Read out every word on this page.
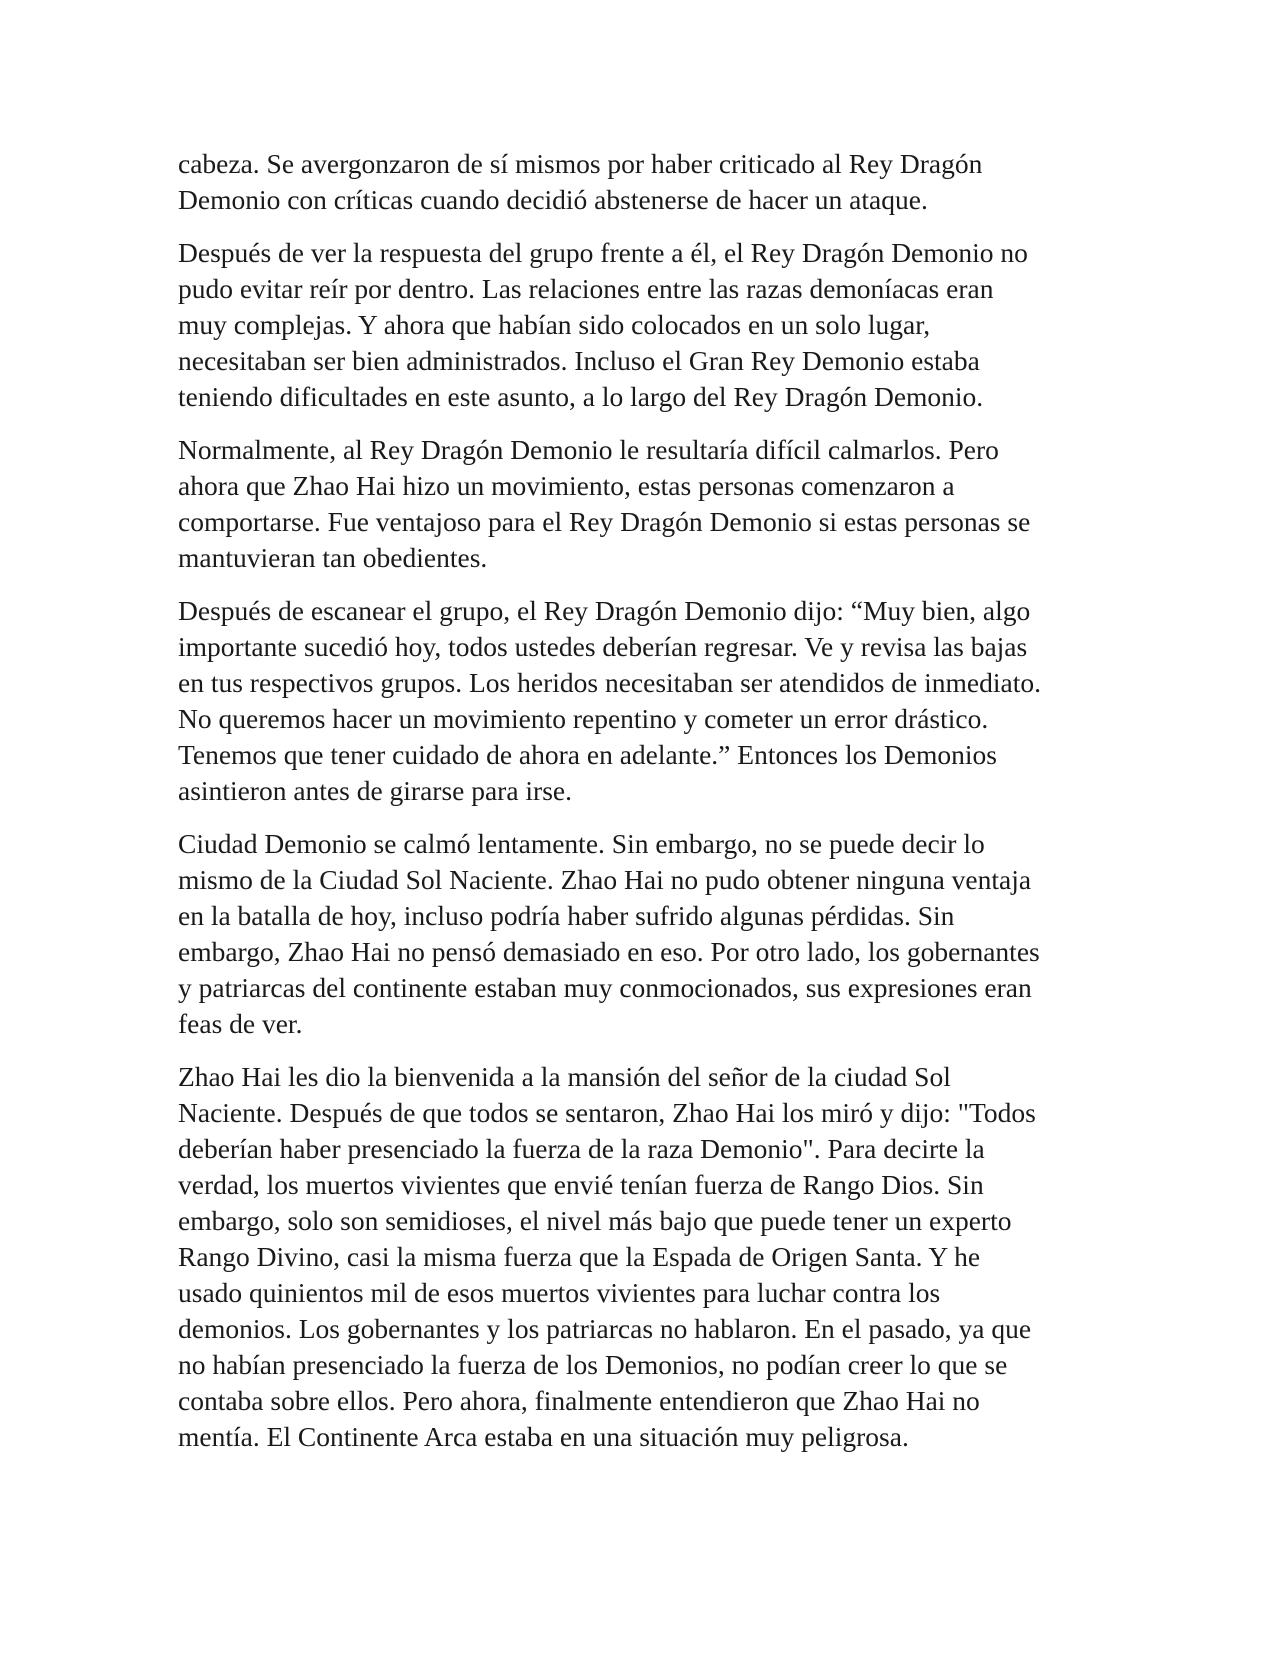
cabeza. Se avergonzaron de sí mismos por haber criticado al Rey Dragón
Demonio con críticas cuando decidió abstenerse de hacer un ataque.

Después de ver la respuesta del grupo frente a él, el Rey Dragón Demonio no
pudo evitar reír por dentro. Las relaciones entre las razas demoníacas eran
muy complejas. Y ahora que habían sido colocados en un solo lugar,
necesitaban ser bien administrados. Incluso el Gran Rey Demonio estaba
teniendo dificultades en este asunto, a lo largo del Rey Dragón Demonio.

Normalmente, al Rey Dragón Demonio le resultaría difícil calmarlos. Pero
ahora que Zhao Hai hizo un movimiento, estas personas comenzaron a
comportarse. Fue ventajoso para el Rey Dragón Demonio si estas personas se
mantuvieran tan obedientes.

Después de escanear el grupo, el Rey Dragón Demonio dijo: “Muy bien, algo
importante sucedió hoy, todos ustedes deberían regresar. Ve y revisa las bajas
en tus respectivos grupos. Los heridos necesitaban ser atendidos de inmediato.
No queremos hacer un movimiento repentino y cometer un error drástico.
Tenemos que tener cuidado de ahora en adelante.” Entonces los Demonios
asintieron antes de girarse para irse.

Ciudad Demonio se calmó lentamente. Sin embargo, no se puede decir lo
mismo de la Ciudad Sol Naciente. Zhao Hai no pudo obtener ninguna ventaja
en la batalla de hoy, incluso podría haber sufrido algunas pérdidas. Sin
embargo, Zhao Hai no pensó demasiado en eso. Por otro lado, los gobernantes
y patriarcas del continente estaban muy conmocionados, sus expresiones eran
feas de ver.

Zhao Hai les dio la bienvenida a la mansión del señor de la ciudad Sol
Naciente. Después de que todos se sentaron, Zhao Hai los miró y dijo: "Todos
deberían haber presenciado la fuerza de la raza Demonio". Para decirte la
verdad, los muertos vivientes que envié tenían fuerza de Rango Dios. Sin
embargo, solo son semidioses, el nivel más bajo que puede tener un experto
Rango Divino, casi la misma fuerza que la Espada de Origen Santa. Y he
usado quinientos mil de esos muertos vivientes para luchar contra los
demonios. Los gobernantes y los patriarcas no hablaron. En el pasado, ya que
no habían presenciado la fuerza de los Demonios, no podían creer lo que se
contaba sobre ellos. Pero ahora, finalmente entendieron que Zhao Hai no
mentía. El Continente Arca estaba en una situación muy peligrosa.
